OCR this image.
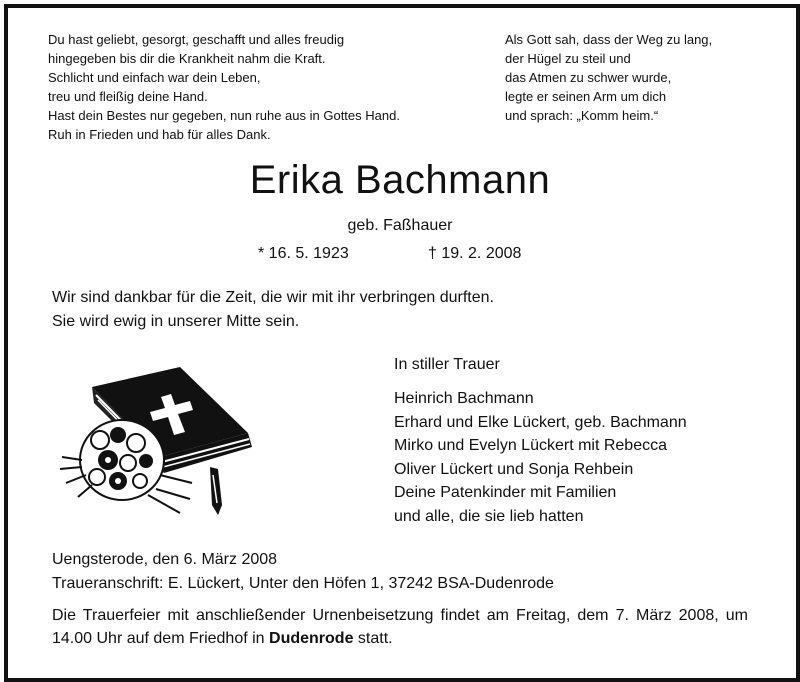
Du hast geliebt, gesorgt, geschafft und alles freudig
hingegeben bis dir die Krankheit nahm die Kraft.
Schlicht und einfach war dein Leben,
treu und fleißig deine Hand.
Hast dein Bestes nur gegeben, nun ruhe aus in Gottes Hand.
Ruh in Frieden und hab für alles Dank.
Als Gott sah, dass der Weg zu lang,
der Hügel zu steil und
das Atmen zu schwer wurde,
legte er seinen Arm um dich
und sprach: „Komm heim.“
Erika Bachmann
geb. Faßhauer
* 16. 5. 1923	† 19. 2. 2008
Wir sind dankbar für die Zeit, die wir mit ihr verbringen durften.
Sie wird ewig in unserer Mitte sein.
In stiller Trauer
Heinrich Bachmann
Erhard und Elke Lückert, geb. Bachmann
Mirko und Evelyn Lückert mit Rebecca
Oliver Lückert und Sonja Rehbein
Deine Patenkinder mit Familien
und alle, die sie lieb hatten
Uengsterode, den 6. März 2008
Traueranschrift: E. Lückert, Unter den Höfen 1, 37242 BSA-Dudenrode
Die Trauerfeier mit anschließender Urnenbeisetzung findet am Freitag, dem 7. März 2008, um 14.00 Uhr auf dem Friedhof in Dudenrode statt.
